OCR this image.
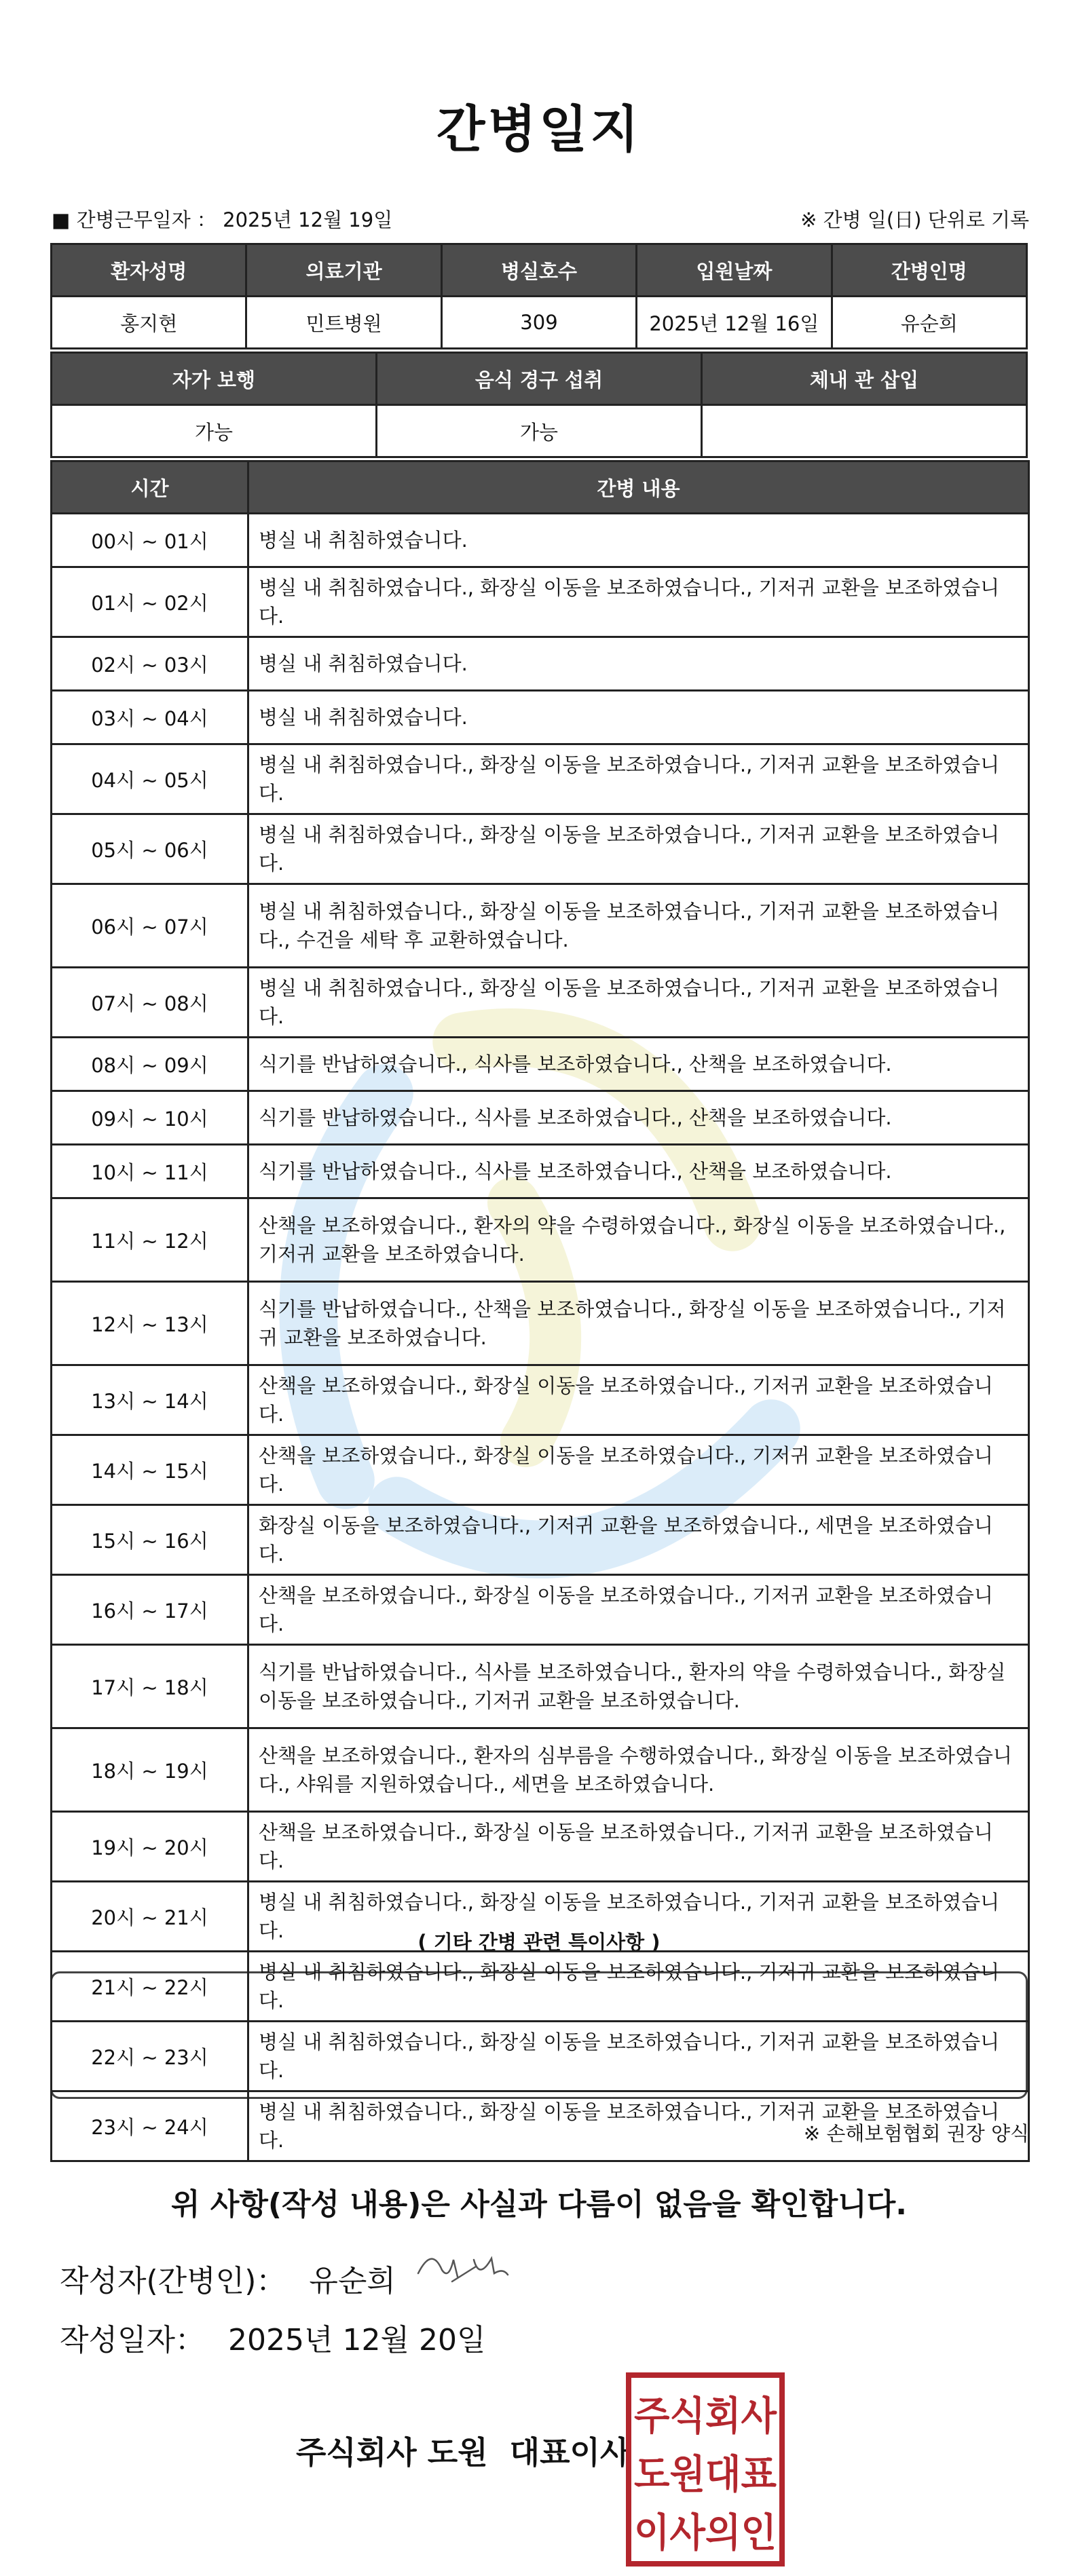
간병일지
■ 간병근무일자 ： 2025년 12월 19일	※ 간병 일(日) 단위로 기록
환자성명	의료기관	병실호수	입원날짜	간병인명
홍지현	민트병원	309	2025년 12월 16일	유순희
자가 보행	음식 경구 섭취	체내 관 삽입
가능	가능	
시간	간병 내용
00시 ~ 01시	병실 내 취침하였습니다.
01시 ~ 02시	병실 내 취침하였습니다., 화장실 이동을 보조하였습니다., 기저귀 교환을 보조하였습니다.
02시 ~ 03시	병실 내 취침하였습니다.
03시 ~ 04시	병실 내 취침하였습니다.
04시 ~ 05시	병실 내 취침하였습니다., 화장실 이동을 보조하였습니다., 기저귀 교환을 보조하였습니다.
05시 ~ 06시	병실 내 취침하였습니다., 화장실 이동을 보조하였습니다., 기저귀 교환을 보조하였습니다.
06시 ~ 07시	병실 내 취침하였습니다., 화장실 이동을 보조하였습니다., 기저귀 교환을 보조하였습니다., 수건을 세탁 후 교환하였습니다.
07시 ~ 08시	병실 내 취침하였습니다., 화장실 이동을 보조하였습니다., 기저귀 교환을 보조하였습니다.
08시 ~ 09시	식기를 반납하였습니다., 식사를 보조하였습니다., 산책을 보조하였습니다.
09시 ~ 10시	식기를 반납하였습니다., 식사를 보조하였습니다., 산책을 보조하였습니다.
10시 ~ 11시	식기를 반납하였습니다., 식사를 보조하였습니다., 산책을 보조하였습니다.
11시 ~ 12시	산책을 보조하였습니다., 환자의 약을 수령하였습니다., 화장실 이동을 보조하였습니다., 기저귀 교환을 보조하였습니다.
12시 ~ 13시	식기를 반납하였습니다., 산책을 보조하였습니다., 화장실 이동을 보조하였습니다., 기저귀 교환을 보조하였습니다.
13시 ~ 14시	산책을 보조하였습니다., 화장실 이동을 보조하였습니다., 기저귀 교환을 보조하였습니다.
14시 ~ 15시	산책을 보조하였습니다., 화장실 이동을 보조하였습니다., 기저귀 교환을 보조하였습니다.
15시 ~ 16시	화장실 이동을 보조하였습니다., 기저귀 교환을 보조하였습니다., 세면을 보조하였습니다.
16시 ~ 17시	산책을 보조하였습니다., 화장실 이동을 보조하였습니다., 기저귀 교환을 보조하였습니다.
17시 ~ 18시	식기를 반납하였습니다., 식사를 보조하였습니다., 환자의 약을 수령하였습니다., 화장실 이동을 보조하였습니다., 기저귀 교환을 보조하였습니다.
18시 ~ 19시	산책을 보조하였습니다., 환자의 심부름을 수행하였습니다., 화장실 이동을 보조하였습니다., 샤워를 지원하였습니다., 세면을 보조하였습니다.
19시 ~ 20시	산책을 보조하였습니다., 화장실 이동을 보조하였습니다., 기저귀 교환을 보조하였습니다.
20시 ~ 21시	병실 내 취침하였습니다., 화장실 이동을 보조하였습니다., 기저귀 교환을 보조하였습니다.
21시 ~ 22시	병실 내 취침하였습니다., 화장실 이동을 보조하였습니다., 기저귀 교환을 보조하였습니다.
22시 ~ 23시	병실 내 취침하였습니다., 화장실 이동을 보조하였습니다., 기저귀 교환을 보조하였습니다.
23시 ~ 24시	병실 내 취침하였습니다., 화장실 이동을 보조하였습니다., 기저귀 교환을 보조하였습니다.
( 기타 간병 관련 특이사항 )
※ 손해보험협회 권장 양식
위 사항(작성 내용)은 사실과 다름이 없음을 확인합니다.
작성자(간병인)： 유순희
작성일자： 2025년 12월 20일
주식회사 도원  대표이사
주식회사
도원대표
이사의인
